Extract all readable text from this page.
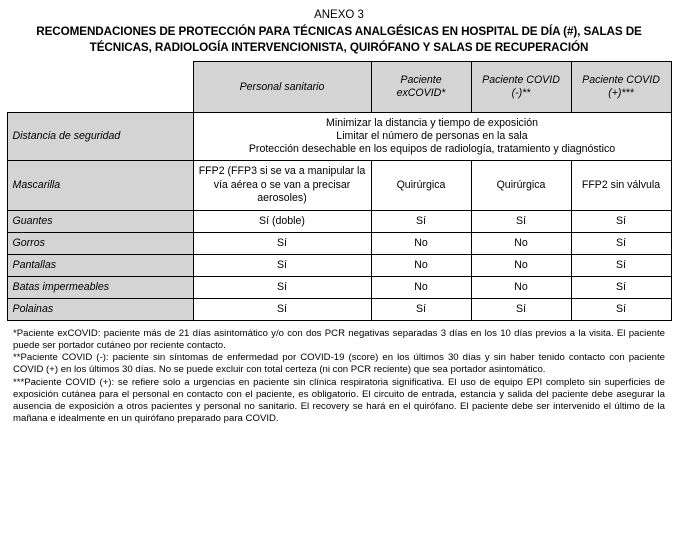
ANEXO 3
RECOMENDACIONES DE PROTECCIÓN PARA TÉCNICAS ANALGÉSICAS EN HOSPITAL DE DÍA (#), SALAS DE TÉCNICAS, RADIOLOGÍA INTERVENCIONISTA, QUIRÓFANO Y SALAS DE RECUPERACIÓN
	Personal sanitario	Paciente exCOVID*	Paciente COVID (-)**	Paciente COVID (+)***
Distancia de seguridad	Minimizar la distancia y tiempo de exposición
Limitar el número de personas en la sala
Protección desechable en los equipos de radiología, tratamiento y diagnóstico			

Mascarilla	FFP2 (FFP3 si se va a manipular la vía aérea o se van a precisar aerosoles)	Quirúrgica	Quirúrgica	FFP2 sin válvula
Guantes	Sí (doble)	Sí	Sí	Sí
Gorros	Sí	No	No	Sí
Pantallas	Sí	No	No	Sí
Batas impermeables	Sí	No	No	Sí
Polainas	Sí	Sí	Sí	Sí

*Paciente exCOVID: paciente más de 21 días asintomático y/o con dos PCR negativas separadas 3 días en los 10 días previos a la visita. El paciente puede ser portador cutáneo por reciente contacto.

**Paciente COVID (-): paciente sin síntomas de enfermedad por COVID-19 (score) en los últimos 30 días y sin haber tenido contacto con paciente COVID (+) en los últimos 30 días. No se puede excluir con total certeza (ni con PCR reciente) que sea portador asintomático.

***Paciente COVID (+): se refiere solo a urgencias en paciente sin clínica respiratoria significativa. El uso de equipo EPI completo sin superficies de exposición cutánea para el personal en contacto con el paciente, es obligatorio. El circuito de entrada, estancia y salida del paciente debe asegurar la ausencia de exposición a otros pacientes y personal no sanitario. El recovery se hará en el quirófano. El paciente debe ser intervenido el último de la mañana e idealmente en un quirófano preparado para COVID.
